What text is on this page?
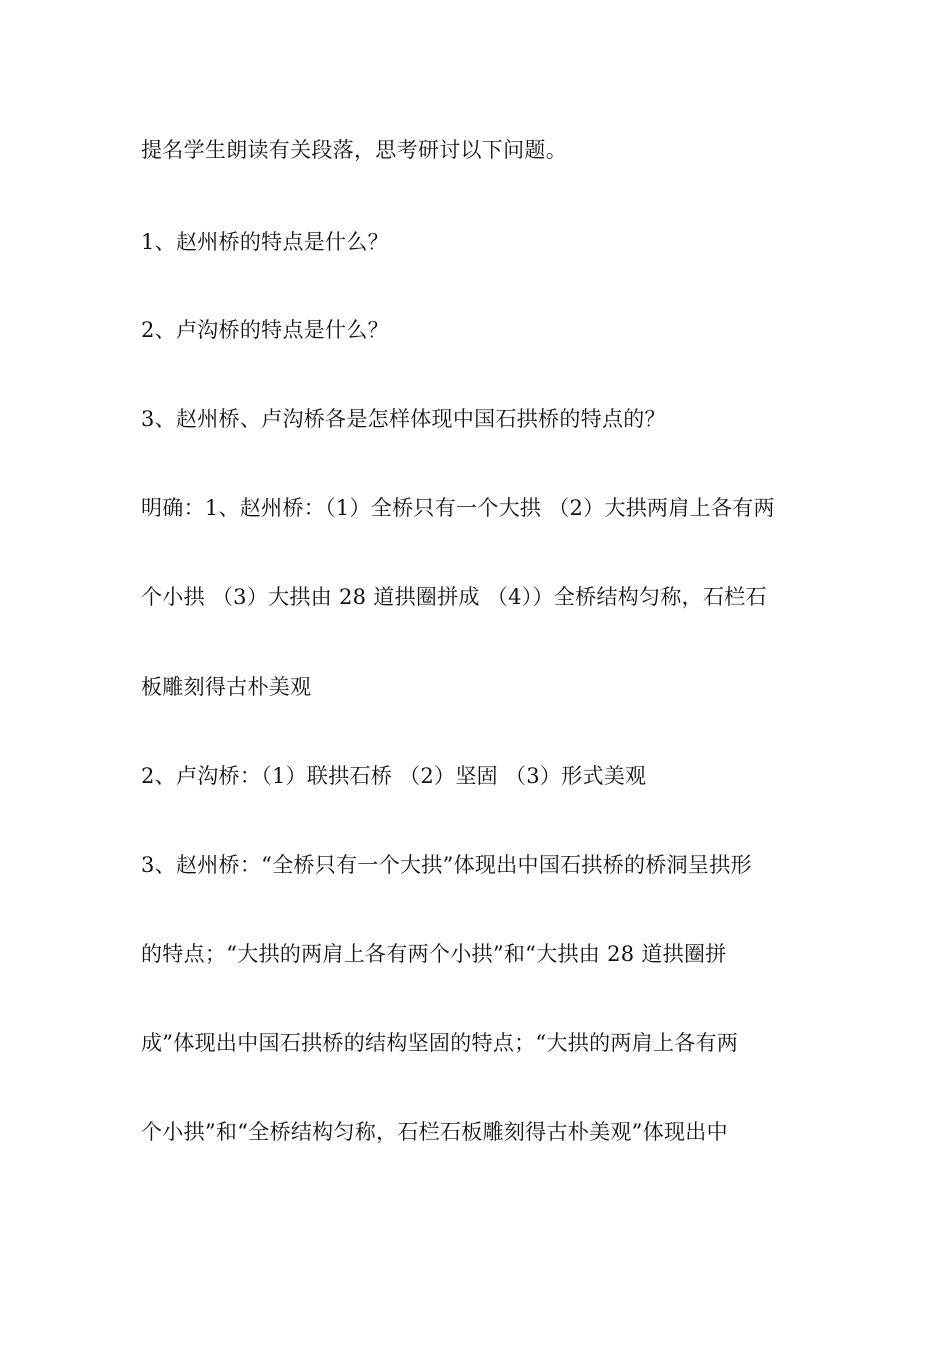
提名学生朗读有关段落，思考研讨以下问题。
1、赵州桥的特点是什么？
2、卢沟桥的特点是什么？
3、赵州桥、卢沟桥各是怎样体现中国石拱桥的特点的？
明确：1、赵州桥：（1）全桥只有一个大拱 （2）大拱两肩上各有两
个小拱 （3）大拱由 28 道拱圈拼成 （4））全桥结构匀称，石栏石
板雕刻得古朴美观
2、卢沟桥：（1）联拱石桥 （2）坚固 （3）形式美观
3、赵州桥：“全桥只有一个大拱”体现出中国石拱桥的桥洞呈拱形
的特点；“大拱的两肩上各有两个小拱”和“大拱由 28 道拱圈拼
成”体现出中国石拱桥的结构坚固的特点；“大拱的两肩上各有两
个小拱”和“全桥结构匀称，石栏石板雕刻得古朴美观”体现出中
